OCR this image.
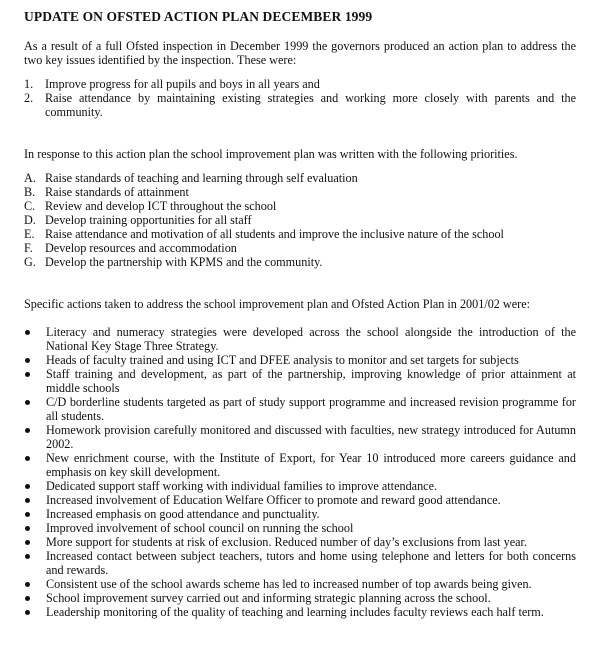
UPDATE ON OFSTED ACTION PLAN DECEMBER 1999

As a result of a full Ofsted inspection in December 1999 the governors produced an action plan to address the two key issues identified by the inspection. These were:

1. Improve progress for all pupils and boys in all years and
2. Raise attendance by maintaining existing strategies and working more closely with parents and the community.

In response to this action plan the school improvement plan was written with the following priorities.

A. Raise standards of teaching and learning through self evaluation
B. Raise standards of attainment
C. Review and develop ICT throughout the school
D. Develop training opportunities for all staff
E. Raise attendance and motivation of all students and improve the inclusive nature of the school
F. Develop resources and accommodation
G. Develop the partnership with KPMS and the community.

Specific actions taken to address the school improvement plan and Ofsted Action Plan in 2001/02 were:

Literacy and numeracy strategies were developed across the school alongside the introduction of the National Key Stage Three Strategy.
Heads of faculty trained and using ICT and DFEE analysis to monitor and set targets for subjects
Staff training and development, as part of the partnership, improving knowledge of prior attainment at middle schools
C/D borderline students targeted as part of study support programme and increased revision programme for all students.
Homework provision carefully monitored and discussed with faculties, new strategy introduced for Autumn 2002.
New enrichment course, with the Institute of Export, for Year 10 introduced more careers guidance and emphasis on key skill development.
Dedicated support staff working with individual families to improve attendance.
Increased involvement of Education Welfare Officer to promote and reward good attendance.
Increased emphasis on good attendance and punctuality.
Improved involvement of school council on running the school
More support for students at risk of exclusion. Reduced number of day’s exclusions from last year.
Increased contact between subject teachers, tutors and home using telephone and letters for both concerns and rewards.
Consistent use of the school awards scheme has led to increased number of top awards being given.
School improvement survey carried out and informing strategic planning across the school.
Leadership monitoring of the quality of teaching and learning includes faculty reviews each half term.
